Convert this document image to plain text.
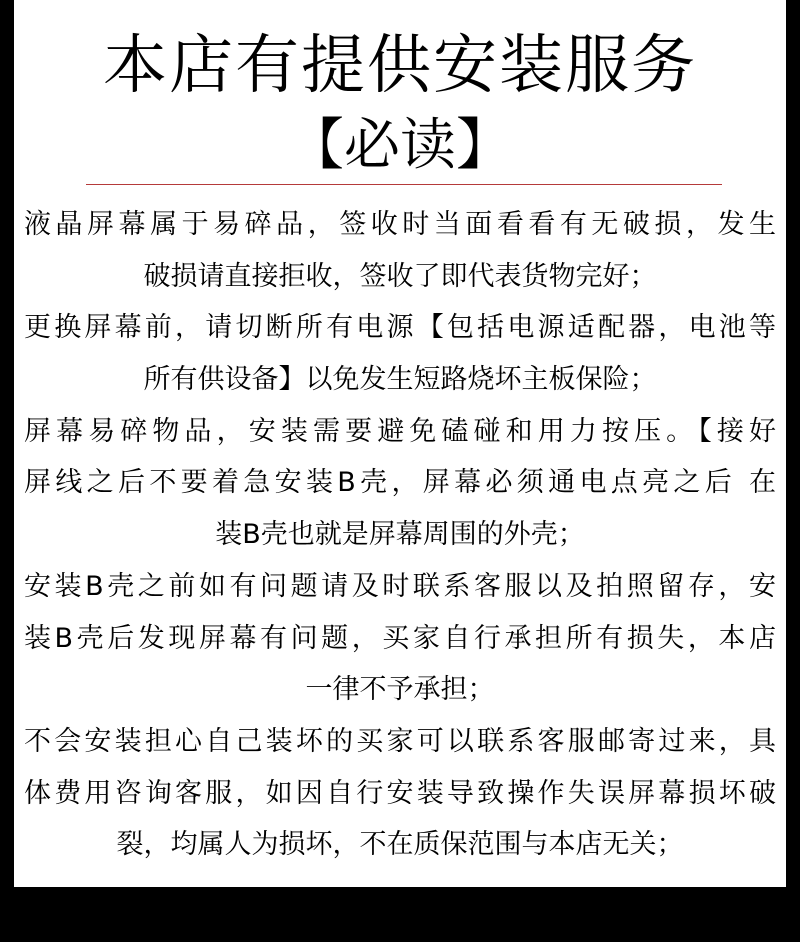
本店有提供安装服务
【必读】
液晶屏幕属于易碎品，签收时当面看看有无破损，发生
破损请直接拒收，签收了即代表货物完好；
更换屏幕前，请切断所有电源【包括电源适配器，电池等
所有供设备】以免发生短路烧坏主板保险；
屏幕易碎物品，安装需要避免磕碰和用力按压。【接好
屏线之后不要着急安装B壳，屏幕必须通电点亮之后 在
装B壳也就是屏幕周围的外壳；
安装B壳之前如有问题请及时联系客服以及拍照留存，安
装B壳后发现屏幕有问题，买家自行承担所有损失，本店
一律不予承担；
不会安装担心自己装坏的买家可以联系客服邮寄过来，具
体费用咨询客服，如因自行安装导致操作失误屏幕损坏破
裂，均属人为损坏，不在质保范围与本店无关；
